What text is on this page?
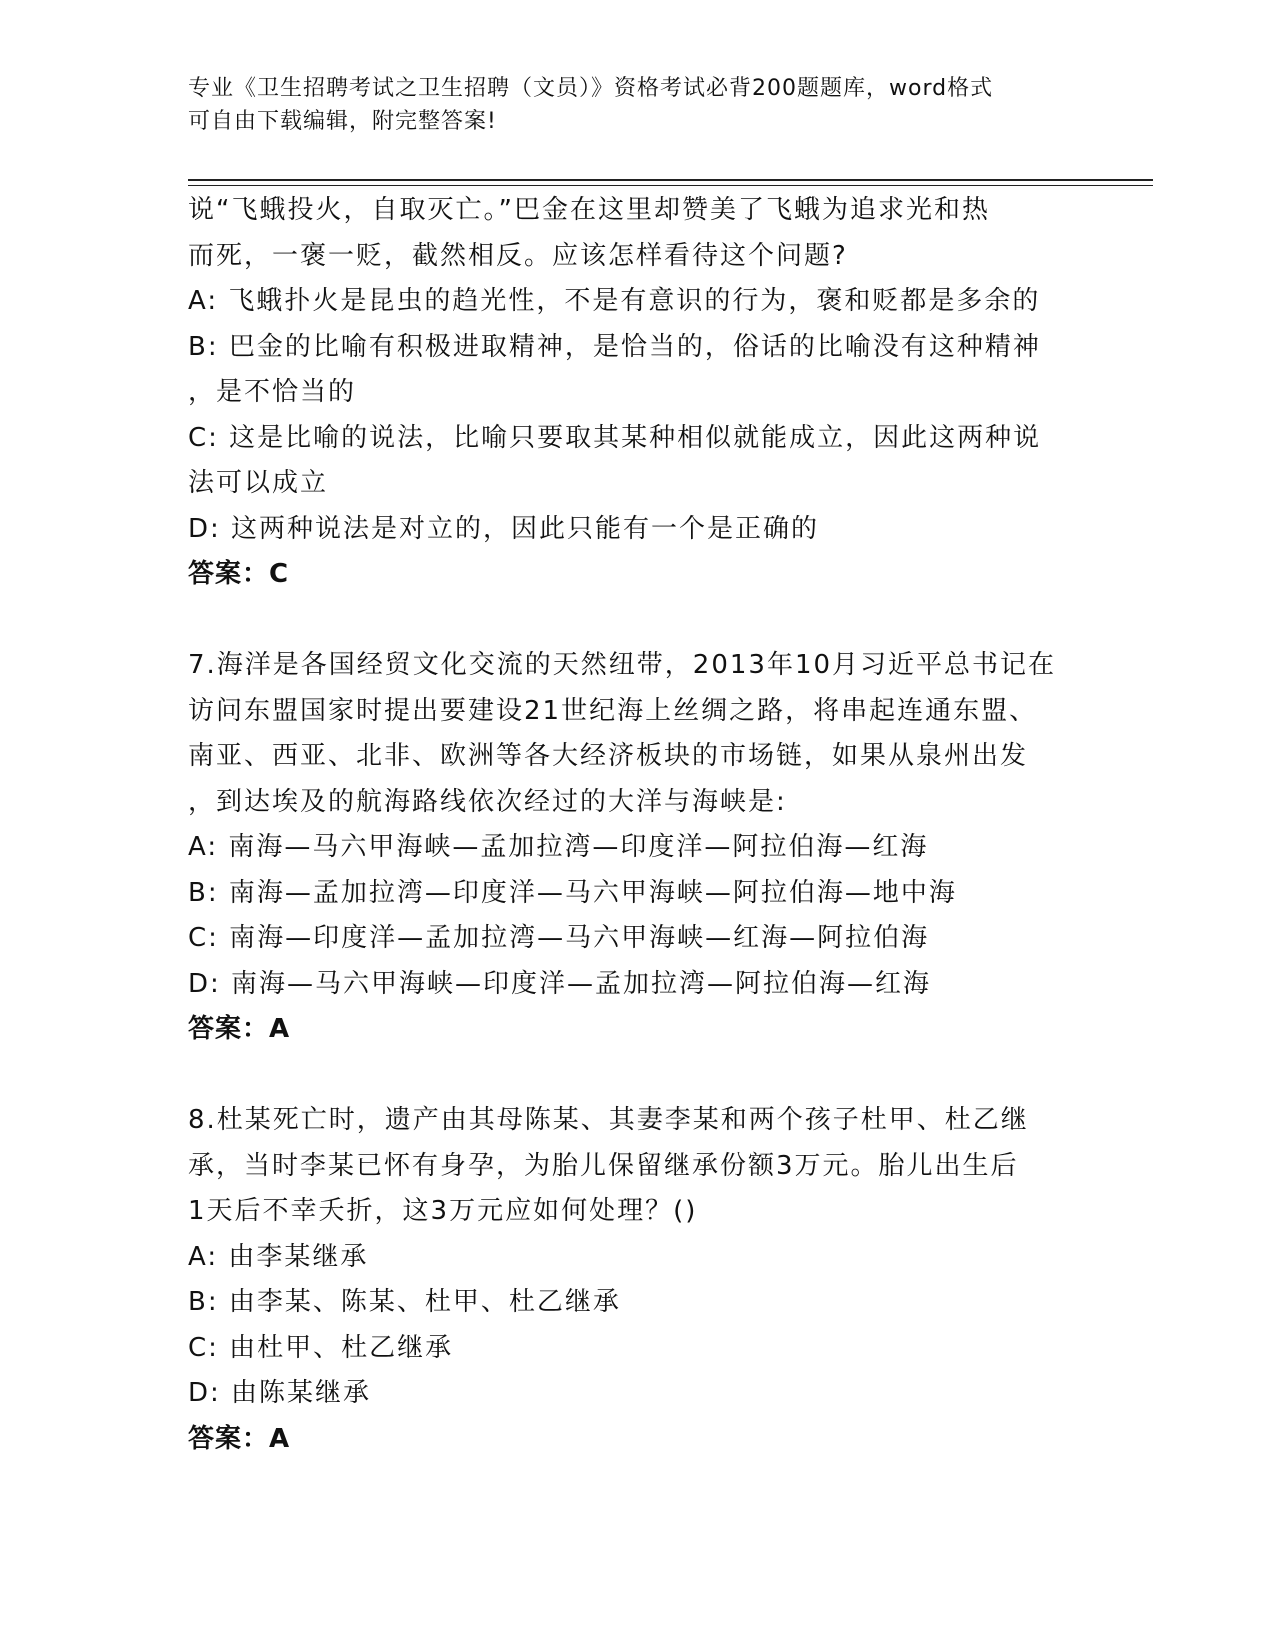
专业《卫生招聘考试之卫生招聘（文员）》资格考试必背200题题库，word格式
可自由下载编辑，附完整答案!
说“飞蛾投火，自取灭亡。”巴金在这里却赞美了飞蛾为追求光和热
而死，一褒一贬，截然相反。应该怎样看待这个问题?
A: 飞蛾扑火是昆虫的趋光性，不是有意识的行为，褒和贬都是多余的
B: 巴金的比喻有积极进取精神，是恰当的，俗话的比喻没有这种精神
，是不恰当的
C: 这是比喻的说法，比喻只要取其某种相似就能成立，因此这两种说
法可以成立
D: 这两种说法是对立的，因此只能有一个是正确的
答案：C
7.海洋是各国经贸文化交流的天然纽带，2013年10月习近平总书记在
访问东盟国家时提出要建设21世纪海上丝绸之路，将串起连通东盟、
南亚、西亚、北非、欧洲等各大经济板块的市场链，如果从泉州出发
，到达埃及的航海路线依次经过的大洋与海峡是:
A: 南海—马六甲海峡—孟加拉湾—印度洋—阿拉伯海—红海
B: 南海—孟加拉湾—印度洋—马六甲海峡—阿拉伯海—地中海
C: 南海—印度洋—孟加拉湾—马六甲海峡—红海—阿拉伯海
D: 南海—马六甲海峡—印度洋—孟加拉湾—阿拉伯海—红海
答案：A
8.杜某死亡时，遗产由其母陈某、其妻李某和两个孩子杜甲、杜乙继
承，当时李某已怀有身孕，为胎儿保留继承份额3万元。胎儿出生后
1天后不幸夭折，这3万元应如何处理？()
A: 由李某继承
B: 由李某、陈某、杜甲、杜乙继承
C: 由杜甲、杜乙继承
D: 由陈某继承
答案：A
